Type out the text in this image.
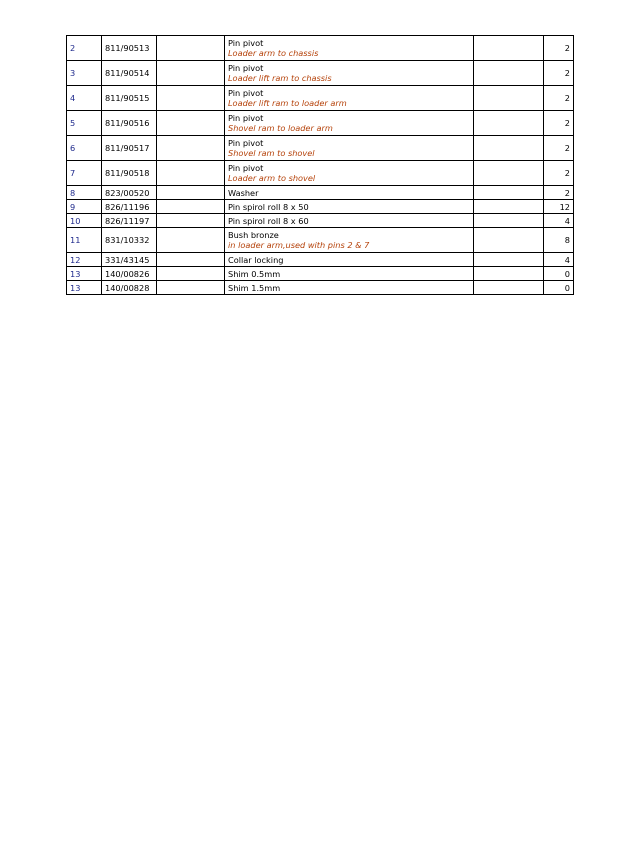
2	811/90513		Pin pivot
Loader arm to chassis		2
3	811/90514		Pin pivot
Loader lift ram to chassis		2
4	811/90515		Pin pivot
Loader lift ram to loader arm		2
5	811/90516		Pin pivot
Shovel ram to loader arm		2
6	811/90517		Pin pivot
Shovel ram to shovel		2
7	811/90518		Pin pivot
Loader arm to shovel		2
8	823/00520		Washer		2
9	826/11196		Pin spirol roll 8 x 50		12
10	826/11197		Pin spirol roll 8 x 60		4
11	831/10332		Bush bronze
in loader arm,used with pins 2 & 7		8
12	331/43145		Collar locking		4
13	140/00826		Shim 0.5mm		0
13	140/00828		Shim 1.5mm		0
